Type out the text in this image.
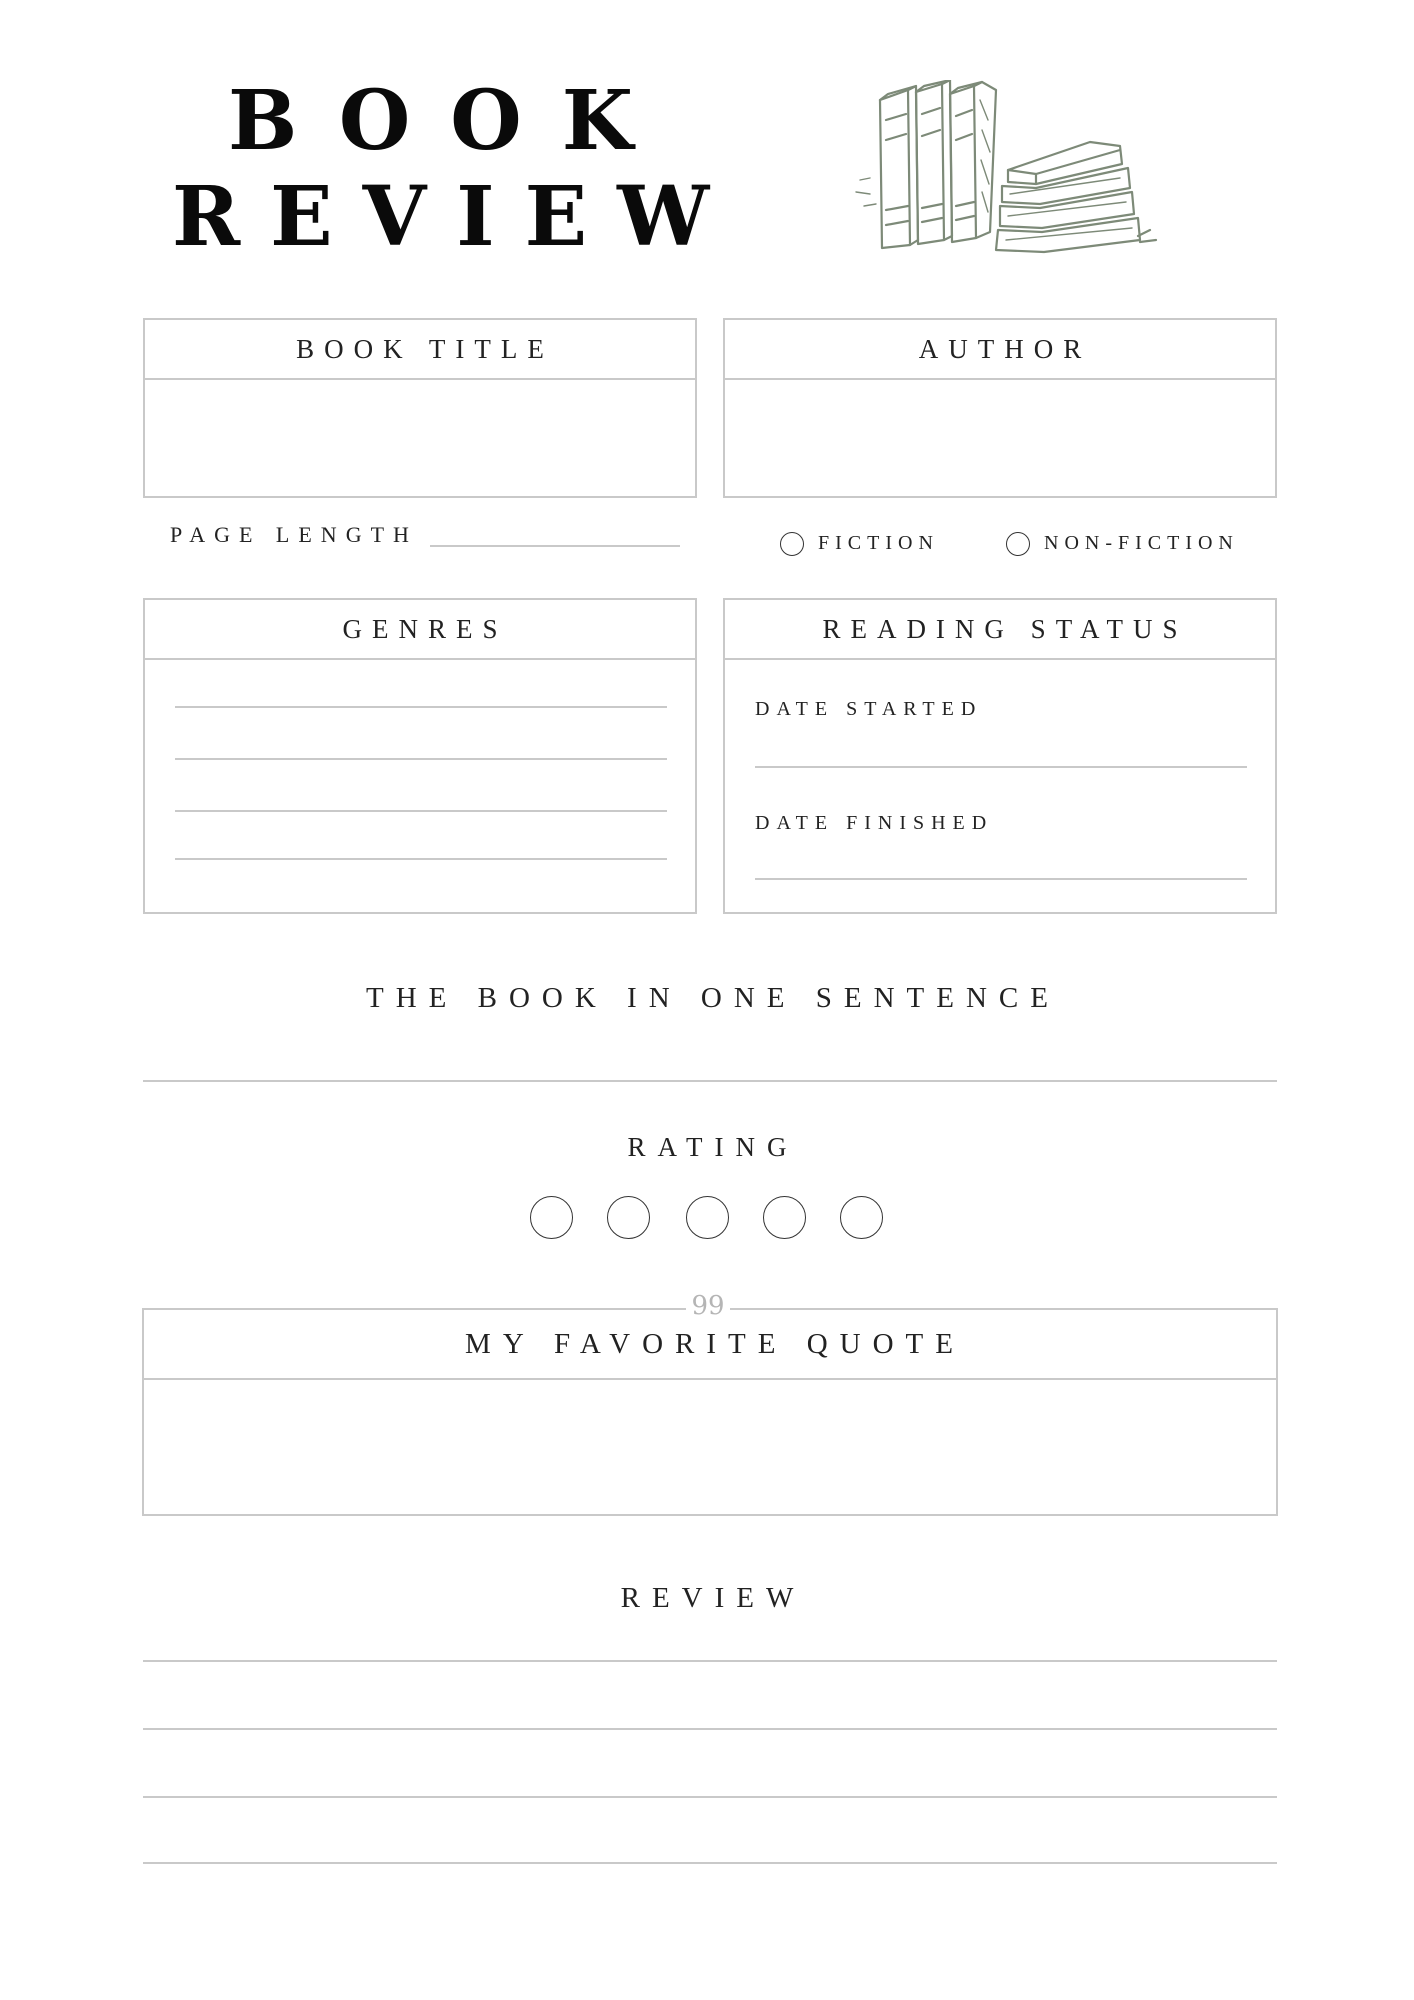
BOOK
REVIEW
BOOK TITLE	AUTHOR
PAGE LENGTH	FICTION	NON-FICTION
GENRES	READING STATUS
DATE STARTED
DATE FINISHED
THE BOOK IN ONE SENTENCE
RATING
MY FAVORITE QUOTE
99
REVIEW
